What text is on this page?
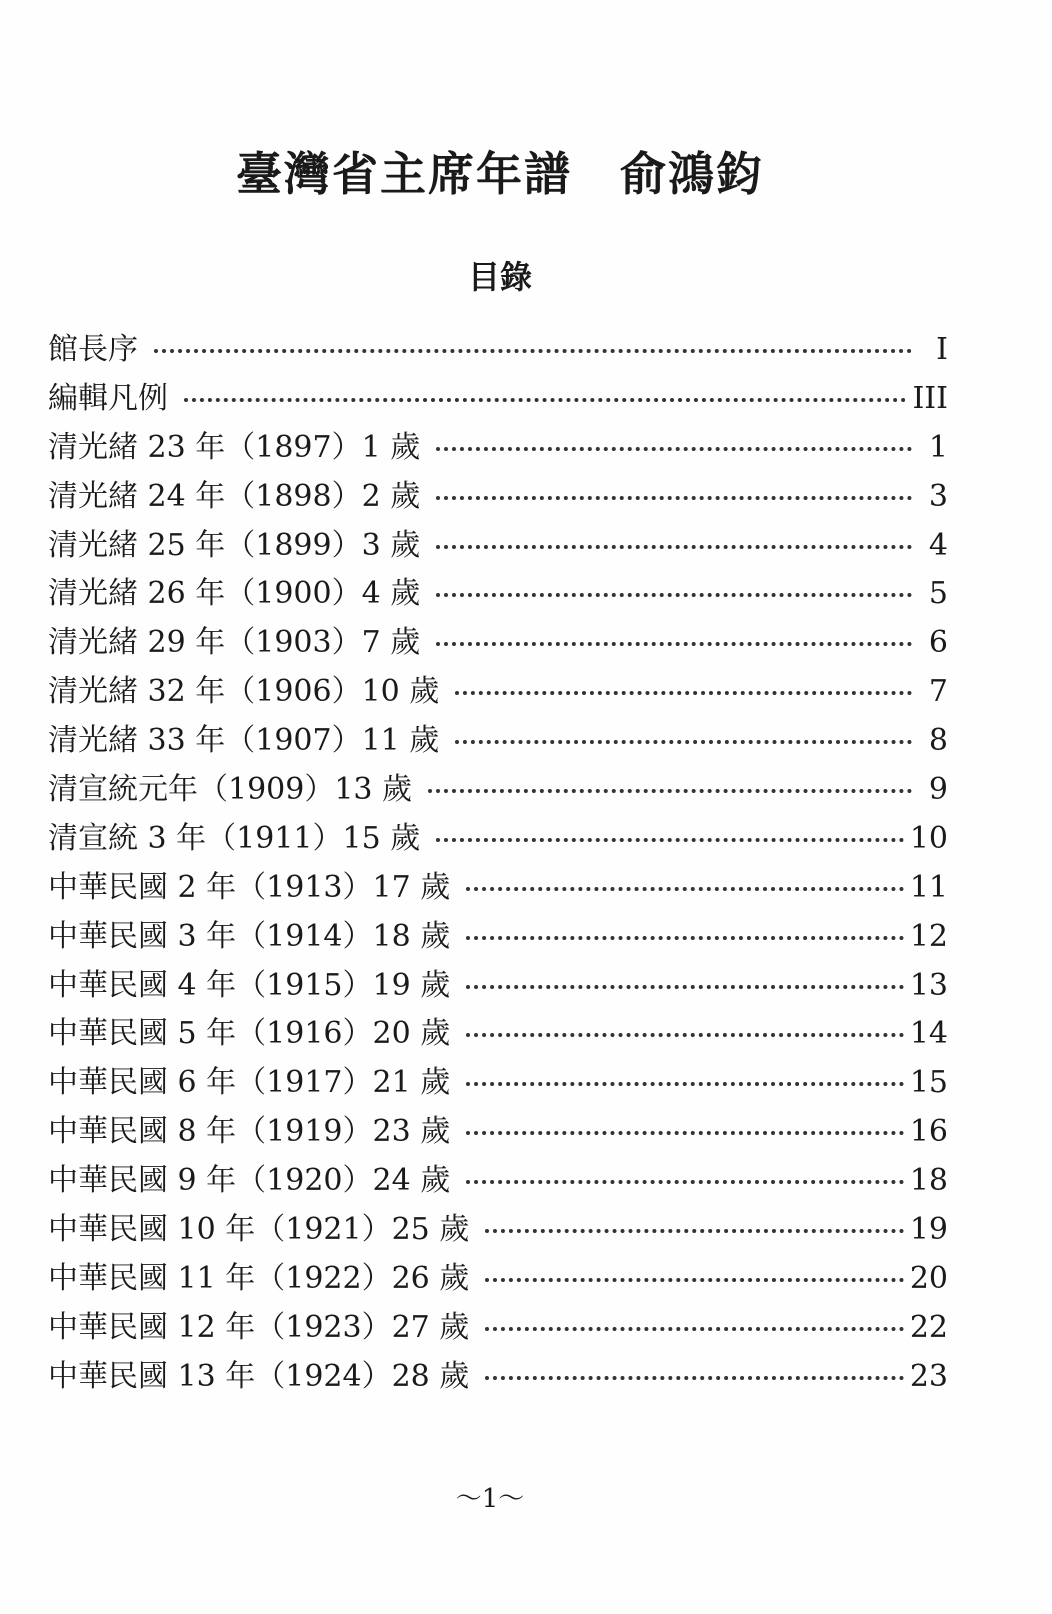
臺灣省主席年譜　俞鴻鈞
目錄
館長序	I
編輯凡例	III
清光緒 23 年（1897）1 歲	1
清光緒 24 年（1898）2 歲	3
清光緒 25 年（1899）3 歲	4
清光緒 26 年（1900）4 歲	5
清光緒 29 年（1903）7 歲	6
清光緒 32 年（1906）10 歲	7
清光緒 33 年（1907）11 歲	8
清宣統元年（1909）13 歲	9
清宣統 3 年（1911）15 歲	10
中華民國 2 年（1913）17 歲	11
中華民國 3 年（1914）18 歲	12
中華民國 4 年（1915）19 歲	13
中華民國 5 年（1916）20 歲	14
中華民國 6 年（1917）21 歲	15
中華民國 8 年（1919）23 歲	16
中華民國 9 年（1920）24 歲	18
中華民國 10 年（1921）25 歲	19
中華民國 11 年（1922）26 歲	20
中華民國 12 年（1923）27 歲	22
中華民國 13 年（1924）28 歲	23
～1～
